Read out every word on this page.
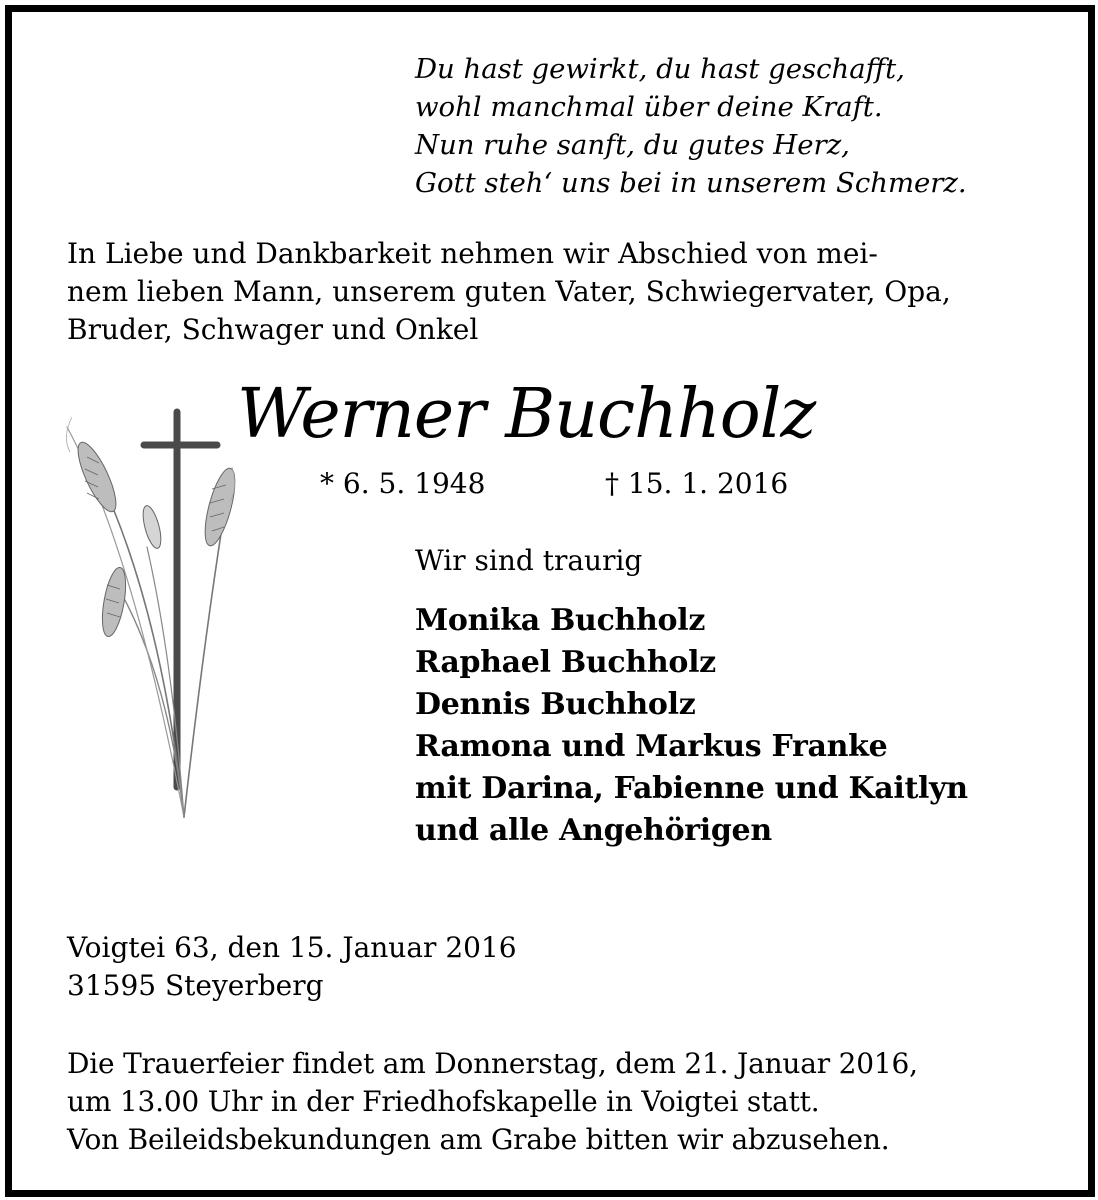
Du hast gewirkt, du hast geschafft,
wohl manchmal über deine Kraft.
Nun ruhe sanft, du gutes Herz,
Gott steh‘ uns bei in unserem Schmerz.
In Liebe und Dankbarkeit nehmen wir Abschied von mei-
nem lieben Mann, unserem guten Vater, Schwiegervater, Opa,
Bruder, Schwager und Onkel
Werner Buchholz
* 6. 5. 1948	† 15. 1. 2016
Wir sind traurig
Monika Buchholz
Raphael Buchholz
Dennis Buchholz
Ramona und Markus Franke
mit Darina, Fabienne und Kaitlyn
und alle Angehörigen
Voigtei 63, den 15. Januar 2016
31595 Steyerberg
Die Trauerfeier findet am Donnerstag, dem 21. Januar 2016,
um 13.00 Uhr in der Friedhofskapelle in Voigtei statt.
Von Beileidsbekundungen am Grabe bitten wir abzusehen.
